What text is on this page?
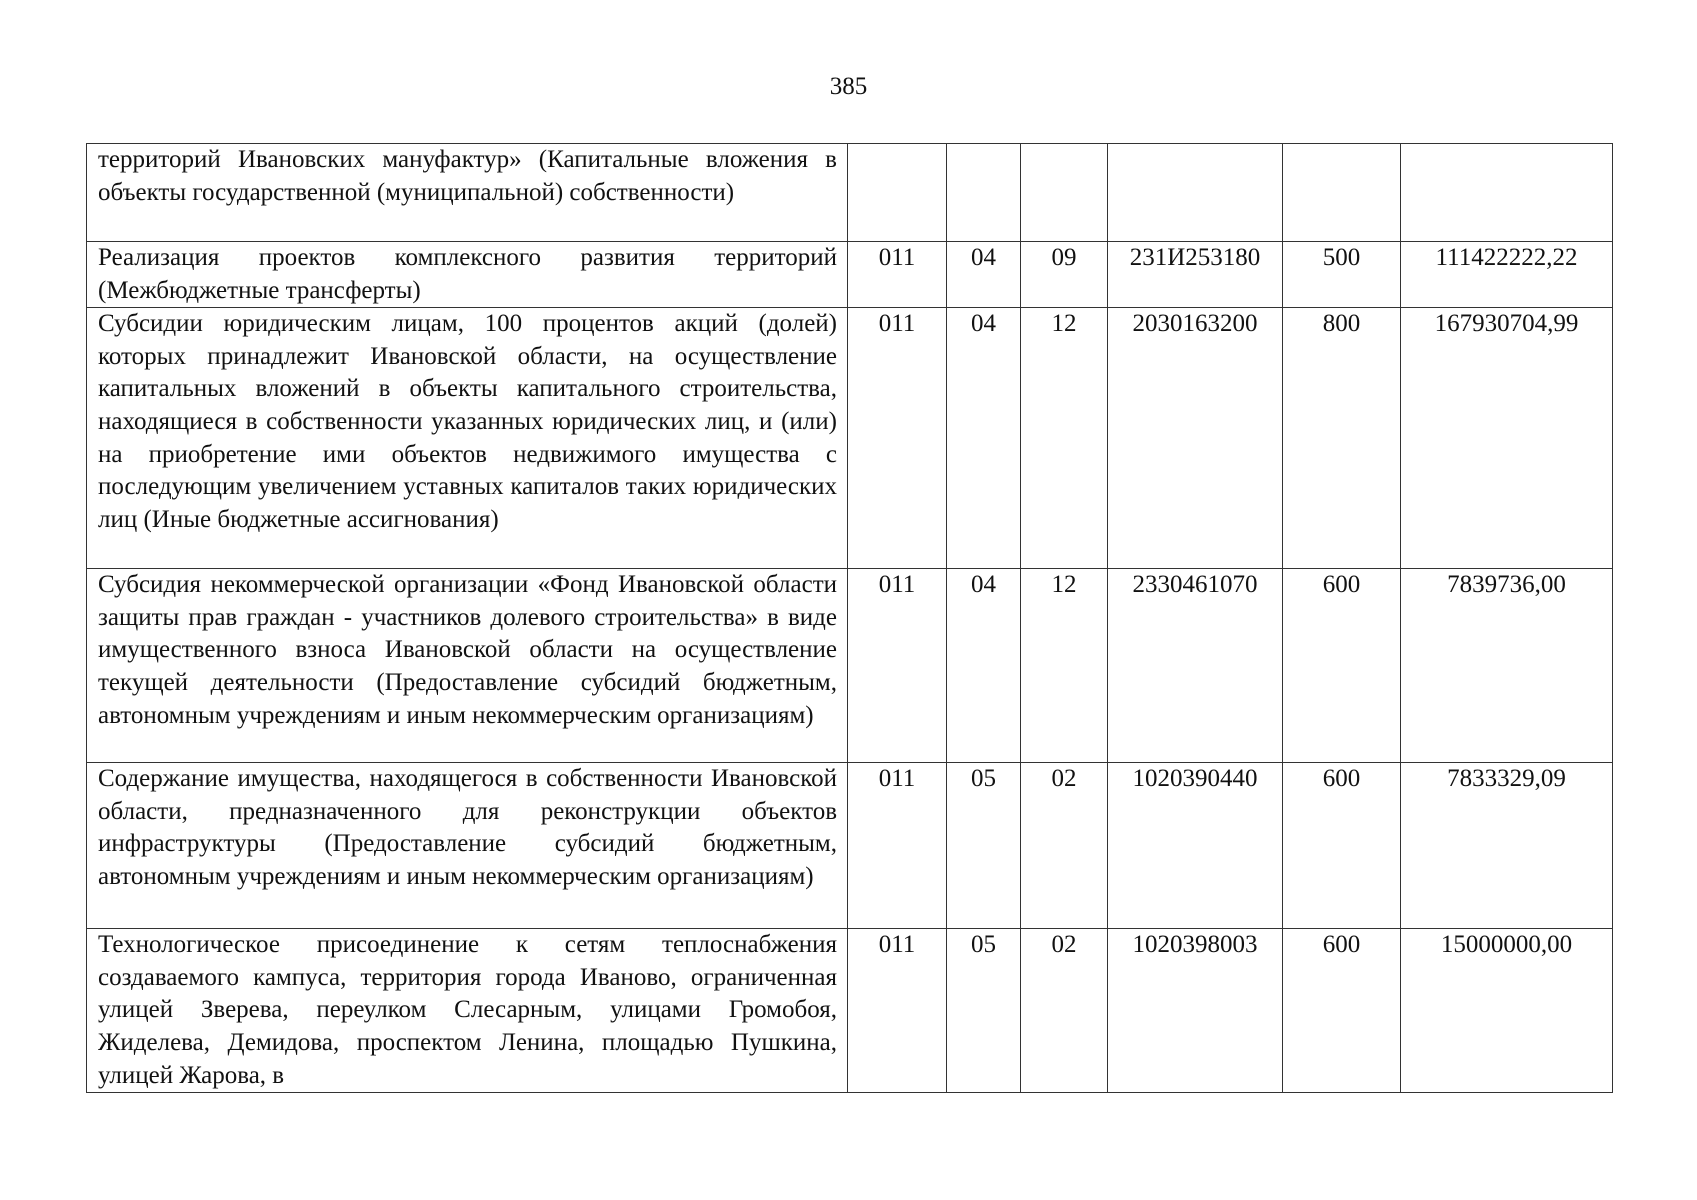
385
территорий Ивановских мануфактур» (Капитальные вложения в объекты государственной (муниципальной) собственности)						

Реализация проектов комплексного развития территорий (Межбюджетные трансферты)	011	04	09	231И253180	500	111422222,22

Субсидии юридическим лицам, 100 процентов акций (долей) которых принадлежит Ивановской области, на осуществление капитальных вложений в объекты капитального строительства, находящиеся в собственности указанных юридических лиц, и (или) на приобретение ими объектов недвижимого имущества с последующим увеличением уставных капиталов таких юридических лиц (Иные бюджетные ассигнования)	011	04	12	2030163200	800	167930704,99

Субсидия некоммерческой организации «Фонд Ивановской области защиты прав граждан - участников долевого строительства» в виде имущественного взноса Ивановской области на осуществление текущей деятельности (Предоставление субсидий бюджетным, автономным учреждениям и иным некоммерческим организациям)	011	04	12	2330461070	600	7839736,00

Содержание имущества, находящегося в собственности Ивановской области, предназначенного для реконструкции объектов инфраструктуры (Предоставление субсидий бюджетным, автономным учреждениям и иным некоммерческим организациям)	011	05	02	1020390440	600	7833329,09

Технологическое присоединение к сетям теплоснабжения создаваемого кампуса, территория города Иваново, ограниченная улицей Зверева, переулком Слесарным, улицами Громобоя, Жиделева, Демидова, проспектом Ленина, площадью Пушкина, улицей Жарова, в	011	05	02	1020398003	600	15000000,00
